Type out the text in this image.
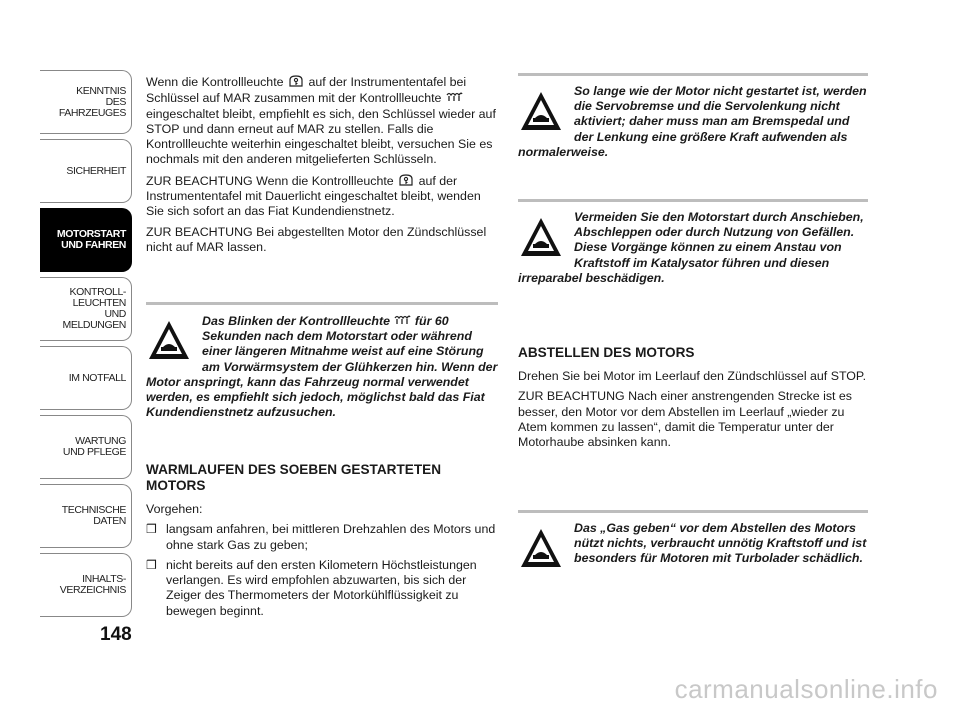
KENNTNIS
DES FAHRZEUGES
SICHERHEIT
MOTORSTART
UND FAHREN
KONTROLL-
LEUCHTEN
UND MELDUNGEN
IM NOTFALL
WARTUNG
UND PFLEGE
TECHNISCHE
DATEN
INHALTS-
VERZEICHNIS
148

Wenn die Kontrollleuchte auf der Instrumententafel bei Schlüssel auf MAR zusammen mit der Kontrollleuchte  eingeschaltet bleibt, empfiehlt es sich, den Schlüssel wieder auf STOP und dann erneut auf MAR zu stellen. Falls die Kontrollleuchte weiterhin eingeschaltet bleibt, versuchen Sie es nochmals mit den anderen mitgelieferten Schlüsseln.

ZUR BEACHTUNG Wenn die Kontrollleuchte auf der Instrumententafel mit Dauerlicht eingeschaltet bleibt, wenden Sie sich sofort an das Fiat Kundendienstnetz.

ZUR BEACHTUNG Bei abgestellten Motor den Zündschlüssel nicht auf MAR lassen.

Das Blinken der Kontrollleuchte für 60 Sekunden nach dem Motorstart oder während einer längeren Mitnahme weist auf eine Störung am Vorwärmsystem der Glühkerzen hin. Wenn der Motor anspringt, kann das Fahrzeug normal verwendet werden, es empfiehlt sich jedoch, möglichst bald das Fiat Kundendienstnetz aufzusuchen.
WARMLAUFEN DES SOEBEN GESTARTETEN MOTORS

Vorgehen:

❒ langsam anfahren, bei mittleren Drehzahlen des Motors und ohne stark Gas zu geben;
❒ nicht bereits auf den ersten Kilometern Höchstleistungen verlangen. Es wird empfohlen abzuwarten, bis sich der Zeiger des Thermometers der Motorkühlflüssigkeit zu bewegen beginnt.
So lange wie der Motor nicht gestartet ist, werden die Servobremse und die Servolenkung nicht aktiviert; daher muss man am Bremspedal und der Lenkung eine größere Kraft aufwenden als normalerweise.
Vermeiden Sie den Motorstart durch Anschieben, Abschleppen oder durch Nutzung von Gefällen. Diese Vorgänge können zu einem Anstau von Kraftstoff im Katalysator führen und diesen irreparabel beschädigen.
ABSTELLEN DES MOTORS

Drehen Sie bei Motor im Leerlauf den Zündschlüssel auf STOP.

ZUR BEACHTUNG Nach einer anstrengenden Strecke ist es besser, den Motor vor dem Abstellen im Leerlauf „wieder zu Atem kommen zu lassen“, damit die Temperatur unter der Motorhaube absinken kann.

Das „Gas geben“ vor dem Abstellen des Motors nützt nichts, verbraucht unnötig Kraftstoff und ist besonders für Motoren mit Turbolader schädlich.
carmanualsonline.info
